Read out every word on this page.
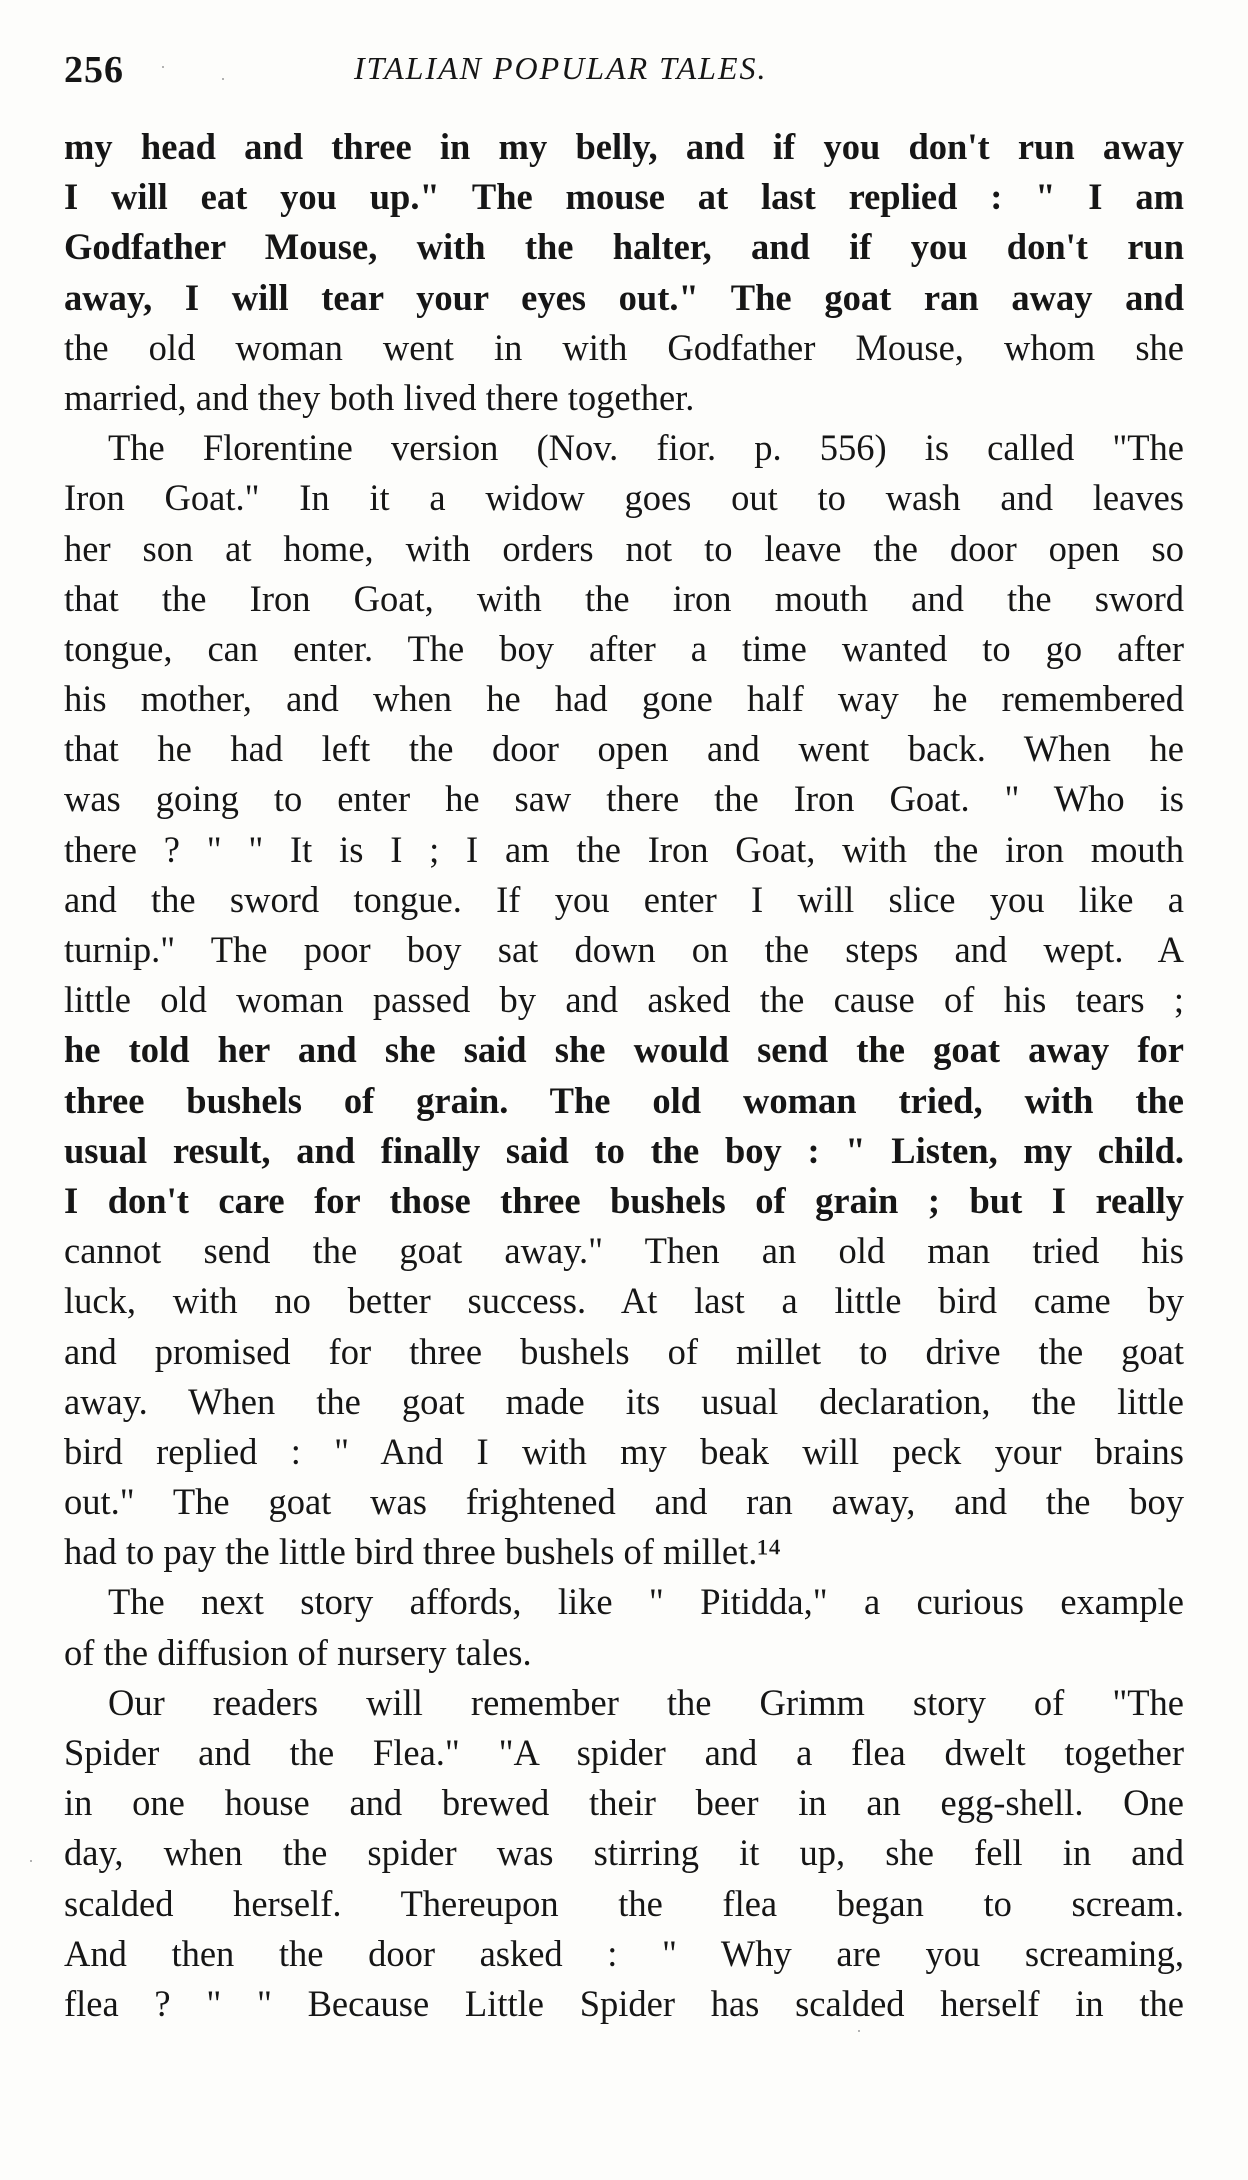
256	ITALIAN POPULAR TALES.
my head and three in my belly, and if you don't run away
I will eat you up." The mouse at last replied : " I am
Godfather Mouse, with the halter, and if you don't run
away, I will tear your eyes out." The goat ran away and
the old woman went in with Godfather Mouse, whom she
married, and they both lived there together.
The Florentine version (Nov. fior. p. 556) is called "The
Iron Goat." In it a widow goes out to wash and leaves
her son at home, with orders not to leave the door open so
that the Iron Goat, with the iron mouth and the sword
tongue, can enter. The boy after a time wanted to go after
his mother, and when he had gone half way he remembered
that he had left the door open and went back. When he
was going to enter he saw there the Iron Goat. " Who is
there ? " " It is I ; I am the Iron Goat, with the iron mouth
and the sword tongue. If you enter I will slice you like a
turnip." The poor boy sat down on the steps and wept. A
little old woman passed by and asked the cause of his tears ;
he told her and she said she would send the goat away for
three bushels of grain. The old woman tried, with the
usual result, and finally said to the boy : " Listen, my child.
I don't care for those three bushels of grain ; but I really
cannot send the goat away." Then an old man tried his
luck, with no better success. At last a little bird came by
and promised for three bushels of millet to drive the goat
away. When the goat made its usual declaration, the little
bird replied : " And I with my beak will peck your brains
out." The goat was frightened and ran away, and the boy
had to pay the little bird three bushels of millet.¹⁴
The next story affords, like " Pitidda," a curious example
of the diffusion of nursery tales.
Our readers will remember the Grimm story of "The
Spider and the Flea." "A spider and a flea dwelt together
in one house and brewed their beer in an egg-shell. One
day, when the spider was stirring it up, she fell in and
scalded herself. Thereupon the flea began to scream.
And then the door asked : " Why are you screaming,
flea ? " " Because Little Spider has scalded herself in the
